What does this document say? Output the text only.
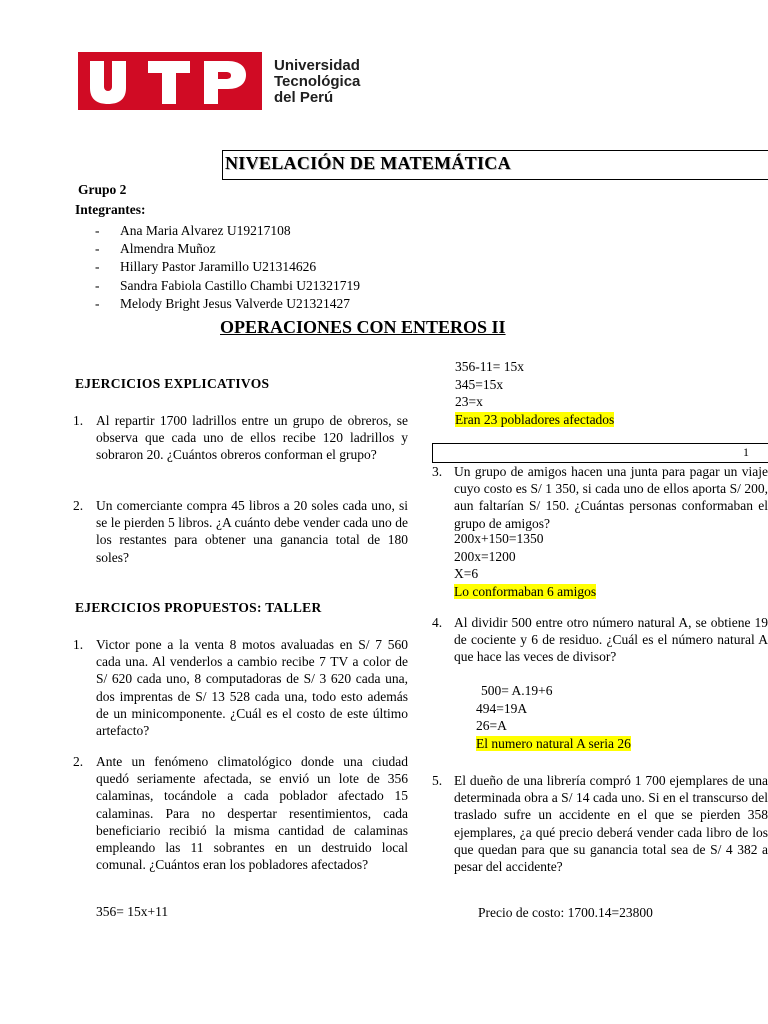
Universidad
Tecnológica
del Perú
NIVELACIÓN DE MATEMÁTICA
Grupo 2
Integrantes:
- Ana Maria Alvarez U19217108
- Almendra Muñoz
- Hillary Pastor Jaramillo U21314626
- Sandra Fabiola Castillo Chambi U21321719
- Melody Bright Jesus Valverde U21321427
OPERACIONES CON ENTEROS II
EJERCICIOS EXPLICATIVOS
1. Al repartir 1700 ladrillos entre un grupo de obreros, se observa que cada uno de ellos recibe 120 ladrillos y sobraron 20. ¿Cuántos obreros conforman el grupo?
2. Un comerciante compra 45 libros a 20 soles cada uno, si se le pierden 5 libros. ¿A cuánto debe vender cada uno de los restantes para obtener una ganancia total de 180 soles?
EJERCICIOS PROPUESTOS: TALLER
1. Victor pone a la venta 8 motos avaluadas en S/ 7 560 cada una. Al venderlos a cambio recibe 7 TV a color de S/ 620 cada uno, 8 computadoras de S/ 3 620 cada una, dos imprentas de S/ 13 528 cada una, todo esto además de un minicomponente. ¿Cuál es el costo de este último artefacto?
2. Ante un fenómeno climatológico donde una ciudad quedó seriamente afectada, se envió un lote de 356 calaminas, tocándole a cada poblador afectado 15 calaminas. Para no despertar resentimientos, cada beneficiario recibió la misma cantidad de calaminas empleando las 11 sobrantes en un destruido local comunal. ¿Cuántos eran los pobladores afectados?
356= 15x+11
356-11= 15x
345=15x
23=x
Eran 23 pobladores afectados
1
3. Un grupo de amigos hacen una junta para pagar un viaje cuyo costo es S/ 1 350, si cada uno de ellos aporta S/ 200, aun faltarían S/ 150. ¿Cuántas personas conformaban el grupo de amigos?
200x+150=1350
200x=1200
X=6
Lo conformaban 6 amigos
4. Al dividir 500 entre otro número natural A, se obtiene 19 de cociente y 6 de residuo. ¿Cuál es el número natural A que hace las veces de divisor?
500= A.19+6
494=19A
26=A
El numero natural A seria 26
5. El dueño de una librería compró 1 700 ejemplares de una determinada obra a S/ 14 cada uno. Si en el transcurso del traslado sufre un accidente en el que se pierden 358 ejemplares, ¿a qué precio deberá vender cada libro de los que quedan para que su ganancia total sea de S/ 4 382 a pesar del accidente?
Precio de costo: 1700.14=23800
